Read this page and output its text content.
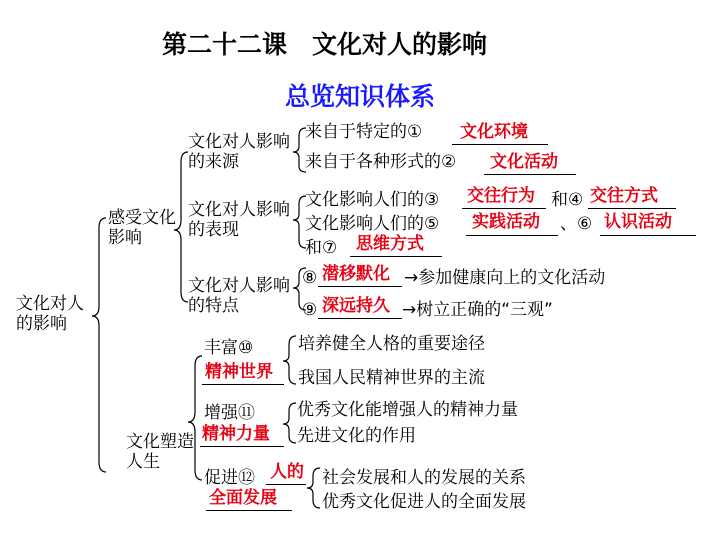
第二十二课　文化对人的影响
总览知识体系
文化对人的影响
感受文化影响
文化对人影响的来源
来自于特定的① 文化环境
来自于各种形式的② 文化活动
文化对人影响的表现
文化影响人们的③ 交往行为 和④ 交往方式
文化影响人们的⑤ 实践活动 、⑥ 认识活动
和⑦ 思维方式
文化对人影响的特点
⑧ 潜移默化 →参加健康向上的文化活动
⑨ 深远持久 →树立正确的“三观”
文化塑造人生
丰富⑩
精神世界
培养健全人格的重要途径
我国人民精神世界的主流
增强⑪
精神力量
优秀文化能增强人的精神力量
先进文化的作用
促进⑫ 人的
全面发展
社会发展和人的发展的关系
优秀文化促进人的全面发展
